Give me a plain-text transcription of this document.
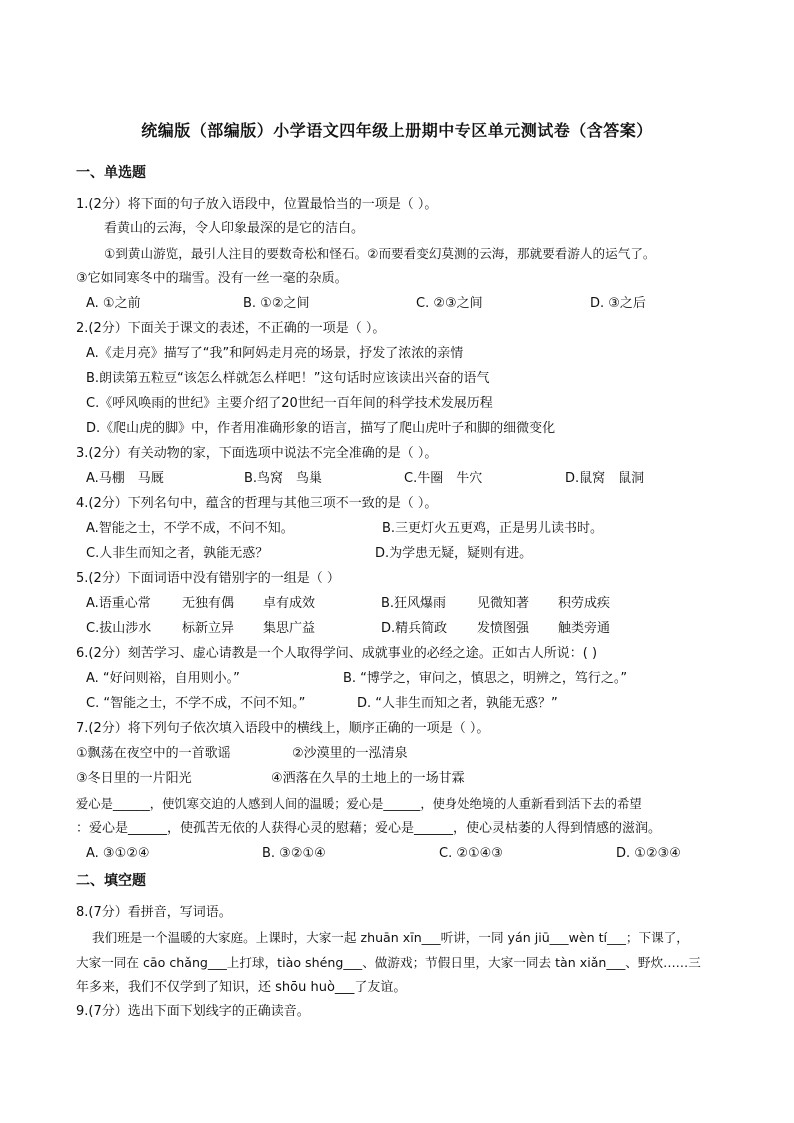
统编版（部编版）小学语文四年级上册期中专区单元测试卷（含答案）
一、单选题
1.(2分）将下面的句子放入语段中，位置最恰当的一项是（ ）。
看黄山的云海，令人印象最深的是它的洁白。
①到黄山游览，最引人注目的要数奇松和怪石。②而要看变幻莫测的云海，那就要看游人的运气了。
③它如同寒冬中的瑞雪。没有一丝一毫的杂质。
A. ①之前	B. ①②之间	C. ②③之间	D. ③之后
2.(2分）下面关于课文的表述，不正确的一项是（ ）。
A.《走月亮》描写了“我”和阿妈走月亮的场景，抒发了浓浓的亲情
B.朗读第五粒豆“该怎么样就怎么样吧！”这句话时应该读出兴奋的语气
C.《呼风唤雨的世纪》主要介绍了20世纪一百年间的科学技术发展历程
D.《爬山虎的脚》中，作者用准确形象的语言，描写了爬山虎叶子和脚的细微变化
3.(2分）有关动物的家，下面选项中说法不完全准确的是（ ）。
A.马棚　马厩	B.鸟窝　鸟巢	C.牛圈　牛穴	D.鼠窝　鼠洞
4.(2分）下列名句中，蕴含的哲理与其他三项不一致的是（ ）。
A.智能之士，不学不成，不问不知。	B.三更灯火五更鸡，正是男儿读书时。
C.人非生而知之者，孰能无惑？	D.为学患无疑，疑则有进。
5.(2分）下面词语中没有错别字的一组是（ ）
A.语重心常 无独有偶 卓有成效	B.狂风爆雨 见微知著 积劳成疾
C.拔山涉水 标新立异 集思广益	D.精兵简政 发愤图强 触类旁通
6.(2分）刻苦学习、虚心请教是一个人取得学问、成就事业的必经之途。正如古人所说：( )
A. “好问则裕，自用则小。”	B. “博学之，审问之，慎思之，明辨之，笃行之。”
C. “智能之士，不学不成，不问不知。”	D. “人非生而知之者，孰能无惑？”
7.(2分）将下列句子依次填入语段中的横线上，顺序正确的一项是（ ）。
①飘荡在夜空中的一首歌谣	②沙漠里的一泓清泉
③冬日里的一片阳光	④洒落在久旱的土地上的一场甘霖
爱心是______，使饥寒交迫的人感到人间的温暖；爱心是______，使身处绝境的人重新看到活下去的希望
：爱心是______，使孤苦无依的人获得心灵的慰藉；爱心是______，使心灵枯萎的人得到情感的滋润。
A. ③①②④	B. ③②①④	C. ②①④③	D. ①②③④
二、填空题
8.(7分）看拼音，写词语。
我们班是一个温暖的大家庭。上课时，大家一起 zhuān xīn___听讲，一同 yán jiū___wèn tí___；下课了，
大家一同在 cāo chǎng___上打球，tiào shéng___、做游戏；节假日里，大家一同去 tàn xiǎn___、野炊……三
年多来，我们不仅学到了知识，还 shōu huò___了友谊。
9.(7分）选出下面下划线字的正确读音。
